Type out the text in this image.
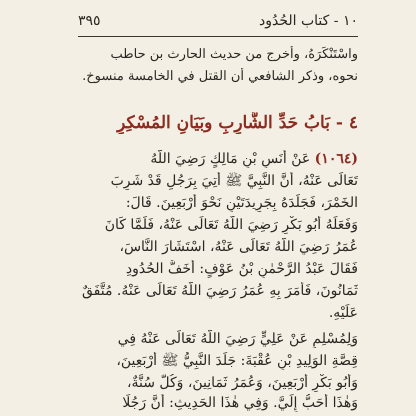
١٠ - كتاب الحُدُود
٣٩٥
واسْتَنْكَرَهُ، وأخرج من حديث الحارث بن حاطب
نحوه، وذكر الشافعي أن القتل في الخامسة منسوخ.
٤ - بَابُ حَدِّ الشَّارِبِ وبَيَانِ المُسْكِرِ
(١٠٦٤) عَنْ أَنَسِ بْنِ مَالِكٍ رَضِيَ اللَّهُ
تَعَالَى عَنْهُ، أَنَّ النَّبِيَّ ﷺ أُتِيَ بِرَجُلٍ قَدْ شَرِبَ
الخَمْرَ، فَجَلَدَهُ بِجَرِيدَتَيْنِ نَحْوَ أَرْبَعِينَ. قَالَ:
وَفَعَلَهُ أَبُو بَكْرٍ رَضِيَ اللَّهُ تَعَالَى عَنْهُ، فَلَمَّا كَانَ
عُمَرُ رَضِيَ اللَّهُ تَعَالَى عَنْهُ، اسْتَشَارَ النَّاسَ،
فَقَالَ عَبْدُ الرَّحْمٰنِ بْنُ عَوْفٍ: أَخَفُّ الحُدُودِ
ثَمَانُونَ، فَأَمَرَ بِهِ عُمَرُ رَضِيَ اللَّهُ تَعَالَى عَنْهُ. مُتَّفَقٌ
عَلَيْهِ.
وَلِمُسْلِمٍ عَنْ عَلِيٍّ رَضِيَ اللَّهُ تَعَالَى عَنْهُ فِي
قِصَّةِ الوَلِيدِ بْنِ عُقْبَةَ: جَلَدَ النَّبِيُّ ﷺ أَرْبَعِينَ،
وَأَبُو بَكْرٍ أَرْبَعِينَ، وَعُمَرُ ثَمَانِينَ، وَكُلٌّ سُنَّةٌ،
وَهٰذَا أَحَبُّ إِلَيَّ. وَفِي هٰذَا الحَدِيثِ: أَنَّ رَجُلًا
